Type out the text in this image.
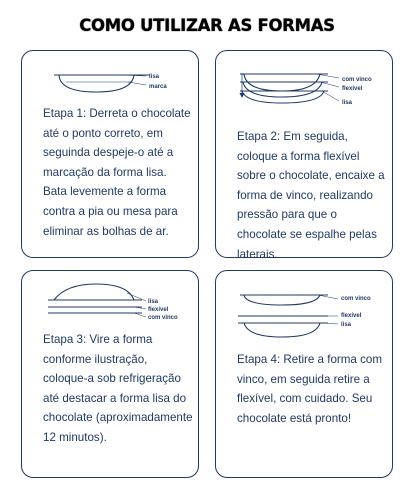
COMO UTILIZAR AS FORMAS
lisa
marca
Etapa 1: Derreta o chocolate até o ponto correto, em seguinda despeje-o até a marcação da forma lisa. Bata levemente a forma contra a pia ou mesa para eliminar as bolhas de ar.
com vinco
flexível
lisa
Etapa 2: Em seguida, coloque a forma flexível sobre o chocolate, encaixe a forma de vinco, realizando pressão para que o chocolate se espalhe pelas laterais.
lisa
flexível
com vinco
Etapa 3: Vire a forma conforme ilustração, coloque-a sob refrigeração até destacar a forma lisa do chocolate (aproximadamente 12 minutos).
com vinco
flexível
lisa
Etapa 4: Retire a forma com vinco, em seguida retire a flexível, com cuidado. Seu chocolate está pronto!
